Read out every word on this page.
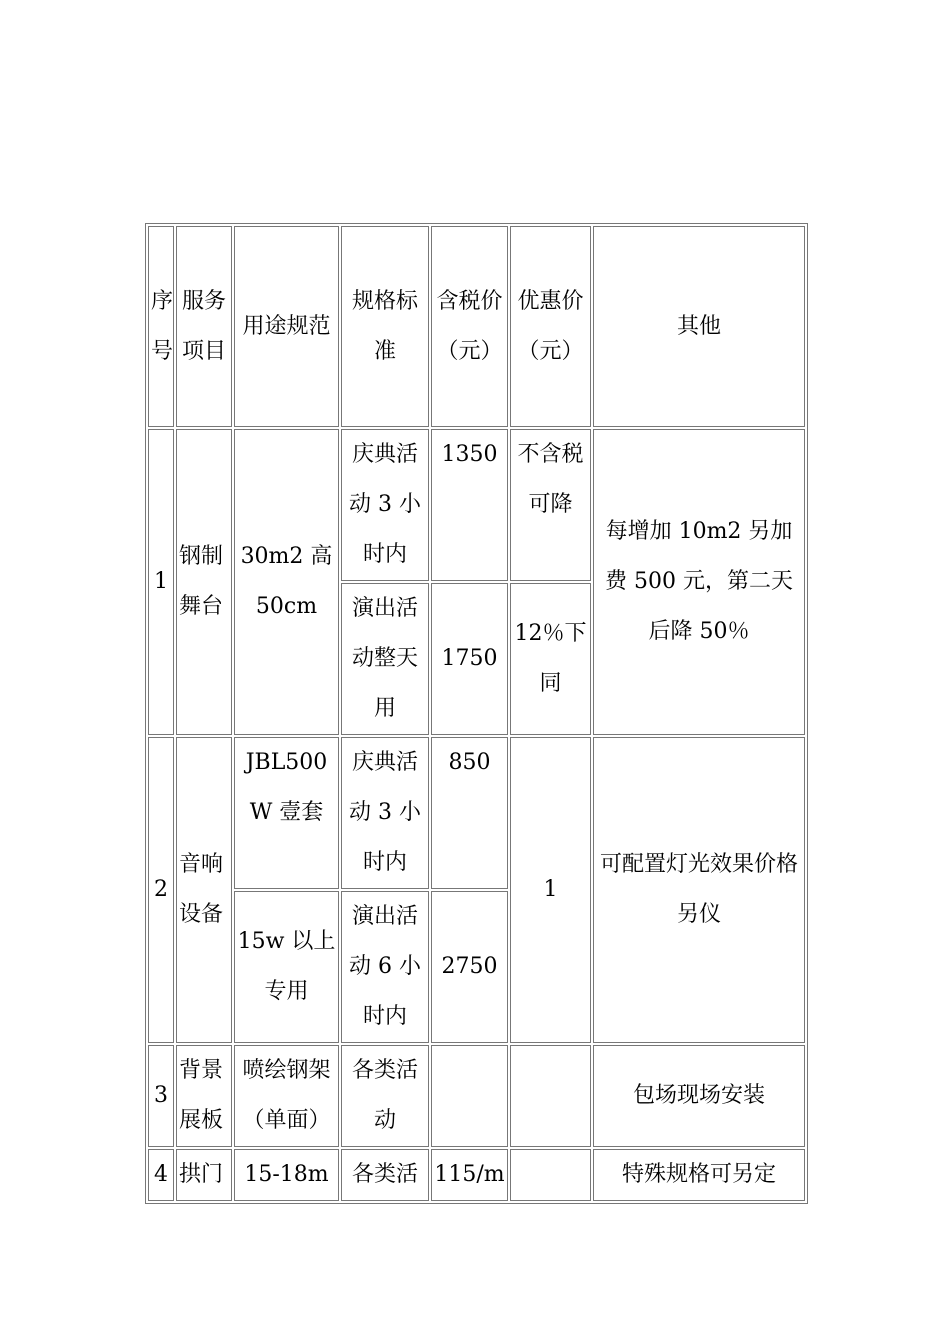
序号	服务项目	用途规范	规格标准	含税价（元）	优惠价（元）	其他
1	钢制舞台	30m2 高 50cm	庆典活动 3 小时内	1350	不含税可降	每增加 10m2 另加费 500 元，第二天后降 50％
			演出活动整天用	1750	12％下同	
2	音响设备	JBL500W 壹套	庆典活动 3 小时内	850	1	可配置灯光效果价格另仪
		15w 以上专用	演出活动 6 小时内	2750		
3	背景展板	喷绘钢架（单面）	各类活动			包场现场安装
4	拱门	15-18m	各类活	115/m		特殊规格可另定
